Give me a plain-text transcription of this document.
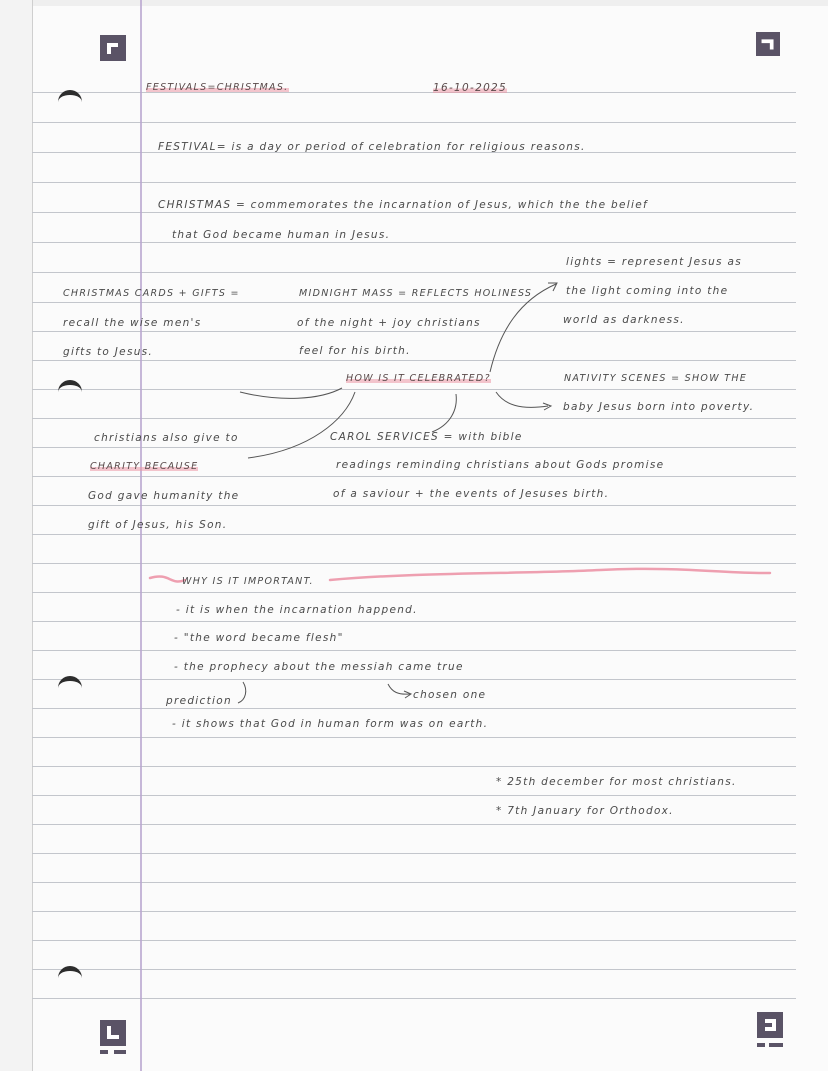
FESTIVALS=CHRISTMAS.	16-10-2025
FESTIVAL= is a day or period of celebration for religious reasons.
CHRISTMAS = commemorates the incarnation of Jesus, which the the belief
that God became human in Jesus.
lights = represent Jesus as
the light coming into the
world as darkness.
CHRISTMAS CARDS + GIFTS =
recall the wise men's
gifts to Jesus.
MIDNIGHT MASS = REFLECTS HOLINESS
of the night + joy christians
feel for his birth.
HOW IS IT CELEBRATED?	NATIVITY SCENES = SHOW THE
baby Jesus born into poverty.
christians also give to
CHARITY BECAUSE
God gave humanity the
gift of Jesus, his Son.
CAROL SERVICES = with bible
readings reminding christians about Gods promise
of a saviour + the events of Jesuses birth.
WHY IS IT IMPORTANT.
- it is when the incarnation happend.
- "the word became flesh"
- the prophecy about the messiah came true
prediction	chosen one
- it shows that God in human form was on earth.
* 25th december for most christians.
* 7th January for Orthodox.
